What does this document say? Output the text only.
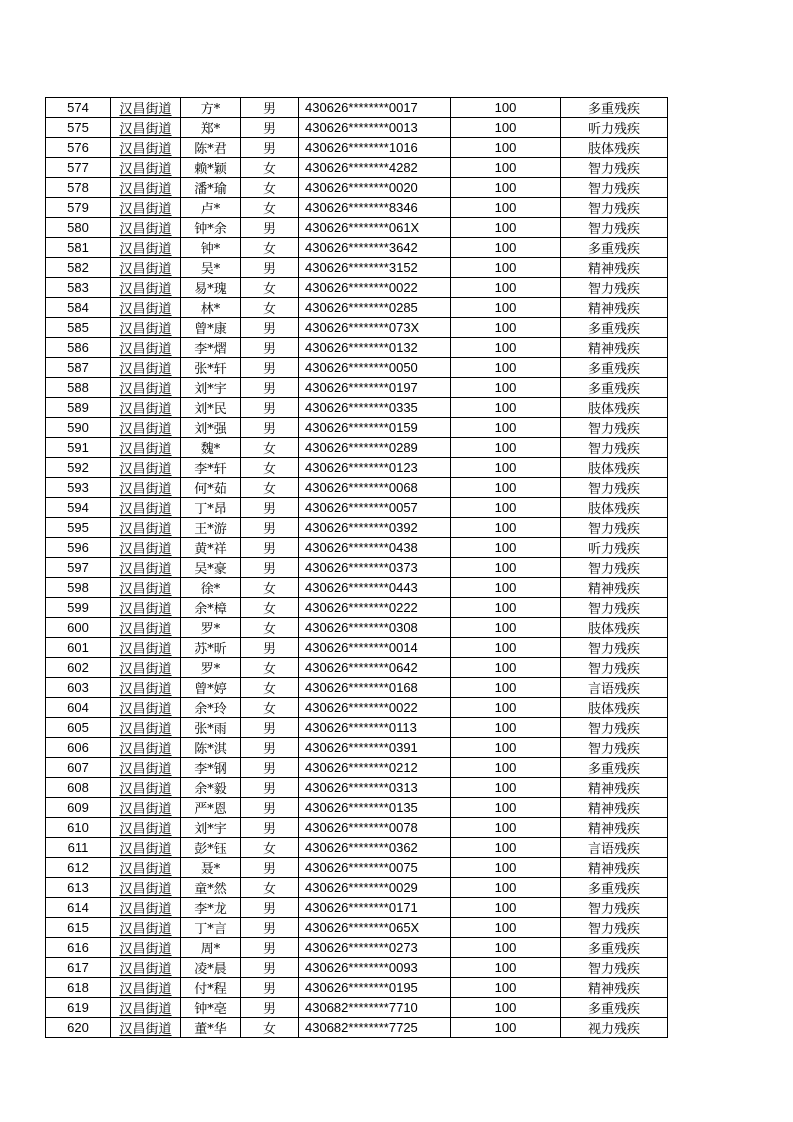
574	汉昌街道	方*	男	430626********0017	100	多重残疾
575	汉昌街道	郑*	男	430626********0013	100	听力残疾
576	汉昌街道	陈*君	男	430626********1016	100	肢体残疾
577	汉昌街道	赖*颖	女	430626********4282	100	智力残疾
578	汉昌街道	潘*瑜	女	430626********0020	100	智力残疾
579	汉昌街道	卢*	女	430626********8346	100	智力残疾
580	汉昌街道	钟*余	男	430626********061X	100	智力残疾
581	汉昌街道	钟*	女	430626********3642	100	多重残疾
582	汉昌街道	吴*	男	430626********3152	100	精神残疾
583	汉昌街道	易*瑰	女	430626********0022	100	智力残疾
584	汉昌街道	林*	女	430626********0285	100	精神残疾
585	汉昌街道	曾*康	男	430626********073X	100	多重残疾
586	汉昌街道	李*熠	男	430626********0132	100	精神残疾
587	汉昌街道	张*轩	男	430626********0050	100	多重残疾
588	汉昌街道	刘*宇	男	430626********0197	100	多重残疾
589	汉昌街道	刘*民	男	430626********0335	100	肢体残疾
590	汉昌街道	刘*强	男	430626********0159	100	智力残疾
591	汉昌街道	魏*	女	430626********0289	100	智力残疾
592	汉昌街道	李*轩	女	430626********0123	100	肢体残疾
593	汉昌街道	何*茹	女	430626********0068	100	智力残疾
594	汉昌街道	丁*昂	男	430626********0057	100	肢体残疾
595	汉昌街道	王*游	男	430626********0392	100	智力残疾
596	汉昌街道	黄*祥	男	430626********0438	100	听力残疾
597	汉昌街道	吴*豪	男	430626********0373	100	智力残疾
598	汉昌街道	徐*	女	430626********0443	100	精神残疾
599	汉昌街道	余*樟	女	430626********0222	100	智力残疾
600	汉昌街道	罗*	女	430626********0308	100	肢体残疾
601	汉昌街道	苏*昕	男	430626********0014	100	智力残疾
602	汉昌街道	罗*	女	430626********0642	100	智力残疾
603	汉昌街道	曾*婷	女	430626********0168	100	言语残疾
604	汉昌街道	余*玲	女	430626********0022	100	肢体残疾
605	汉昌街道	张*雨	男	430626********0113	100	智力残疾
606	汉昌街道	陈*淇	男	430626********0391	100	智力残疾
607	汉昌街道	李*钢	男	430626********0212	100	多重残疾
608	汉昌街道	余*毅	男	430626********0313	100	精神残疾
609	汉昌街道	严*恩	男	430626********0135	100	精神残疾
610	汉昌街道	刘*宇	男	430626********0078	100	精神残疾
611	汉昌街道	彭*钰	女	430626********0362	100	言语残疾
612	汉昌街道	聂*	男	430626********0075	100	精神残疾
613	汉昌街道	童*然	女	430626********0029	100	多重残疾
614	汉昌街道	李*龙	男	430626********0171	100	智力残疾
615	汉昌街道	丁*言	男	430626********065X	100	智力残疾
616	汉昌街道	周*	男	430626********0273	100	多重残疾
617	汉昌街道	凌*晨	男	430626********0093	100	智力残疾
618	汉昌街道	付*程	男	430626********0195	100	精神残疾
619	汉昌街道	钟*亳	男	430682********7710	100	多重残疾
620	汉昌街道	董*华	女	430682********7725	100	视力残疾
